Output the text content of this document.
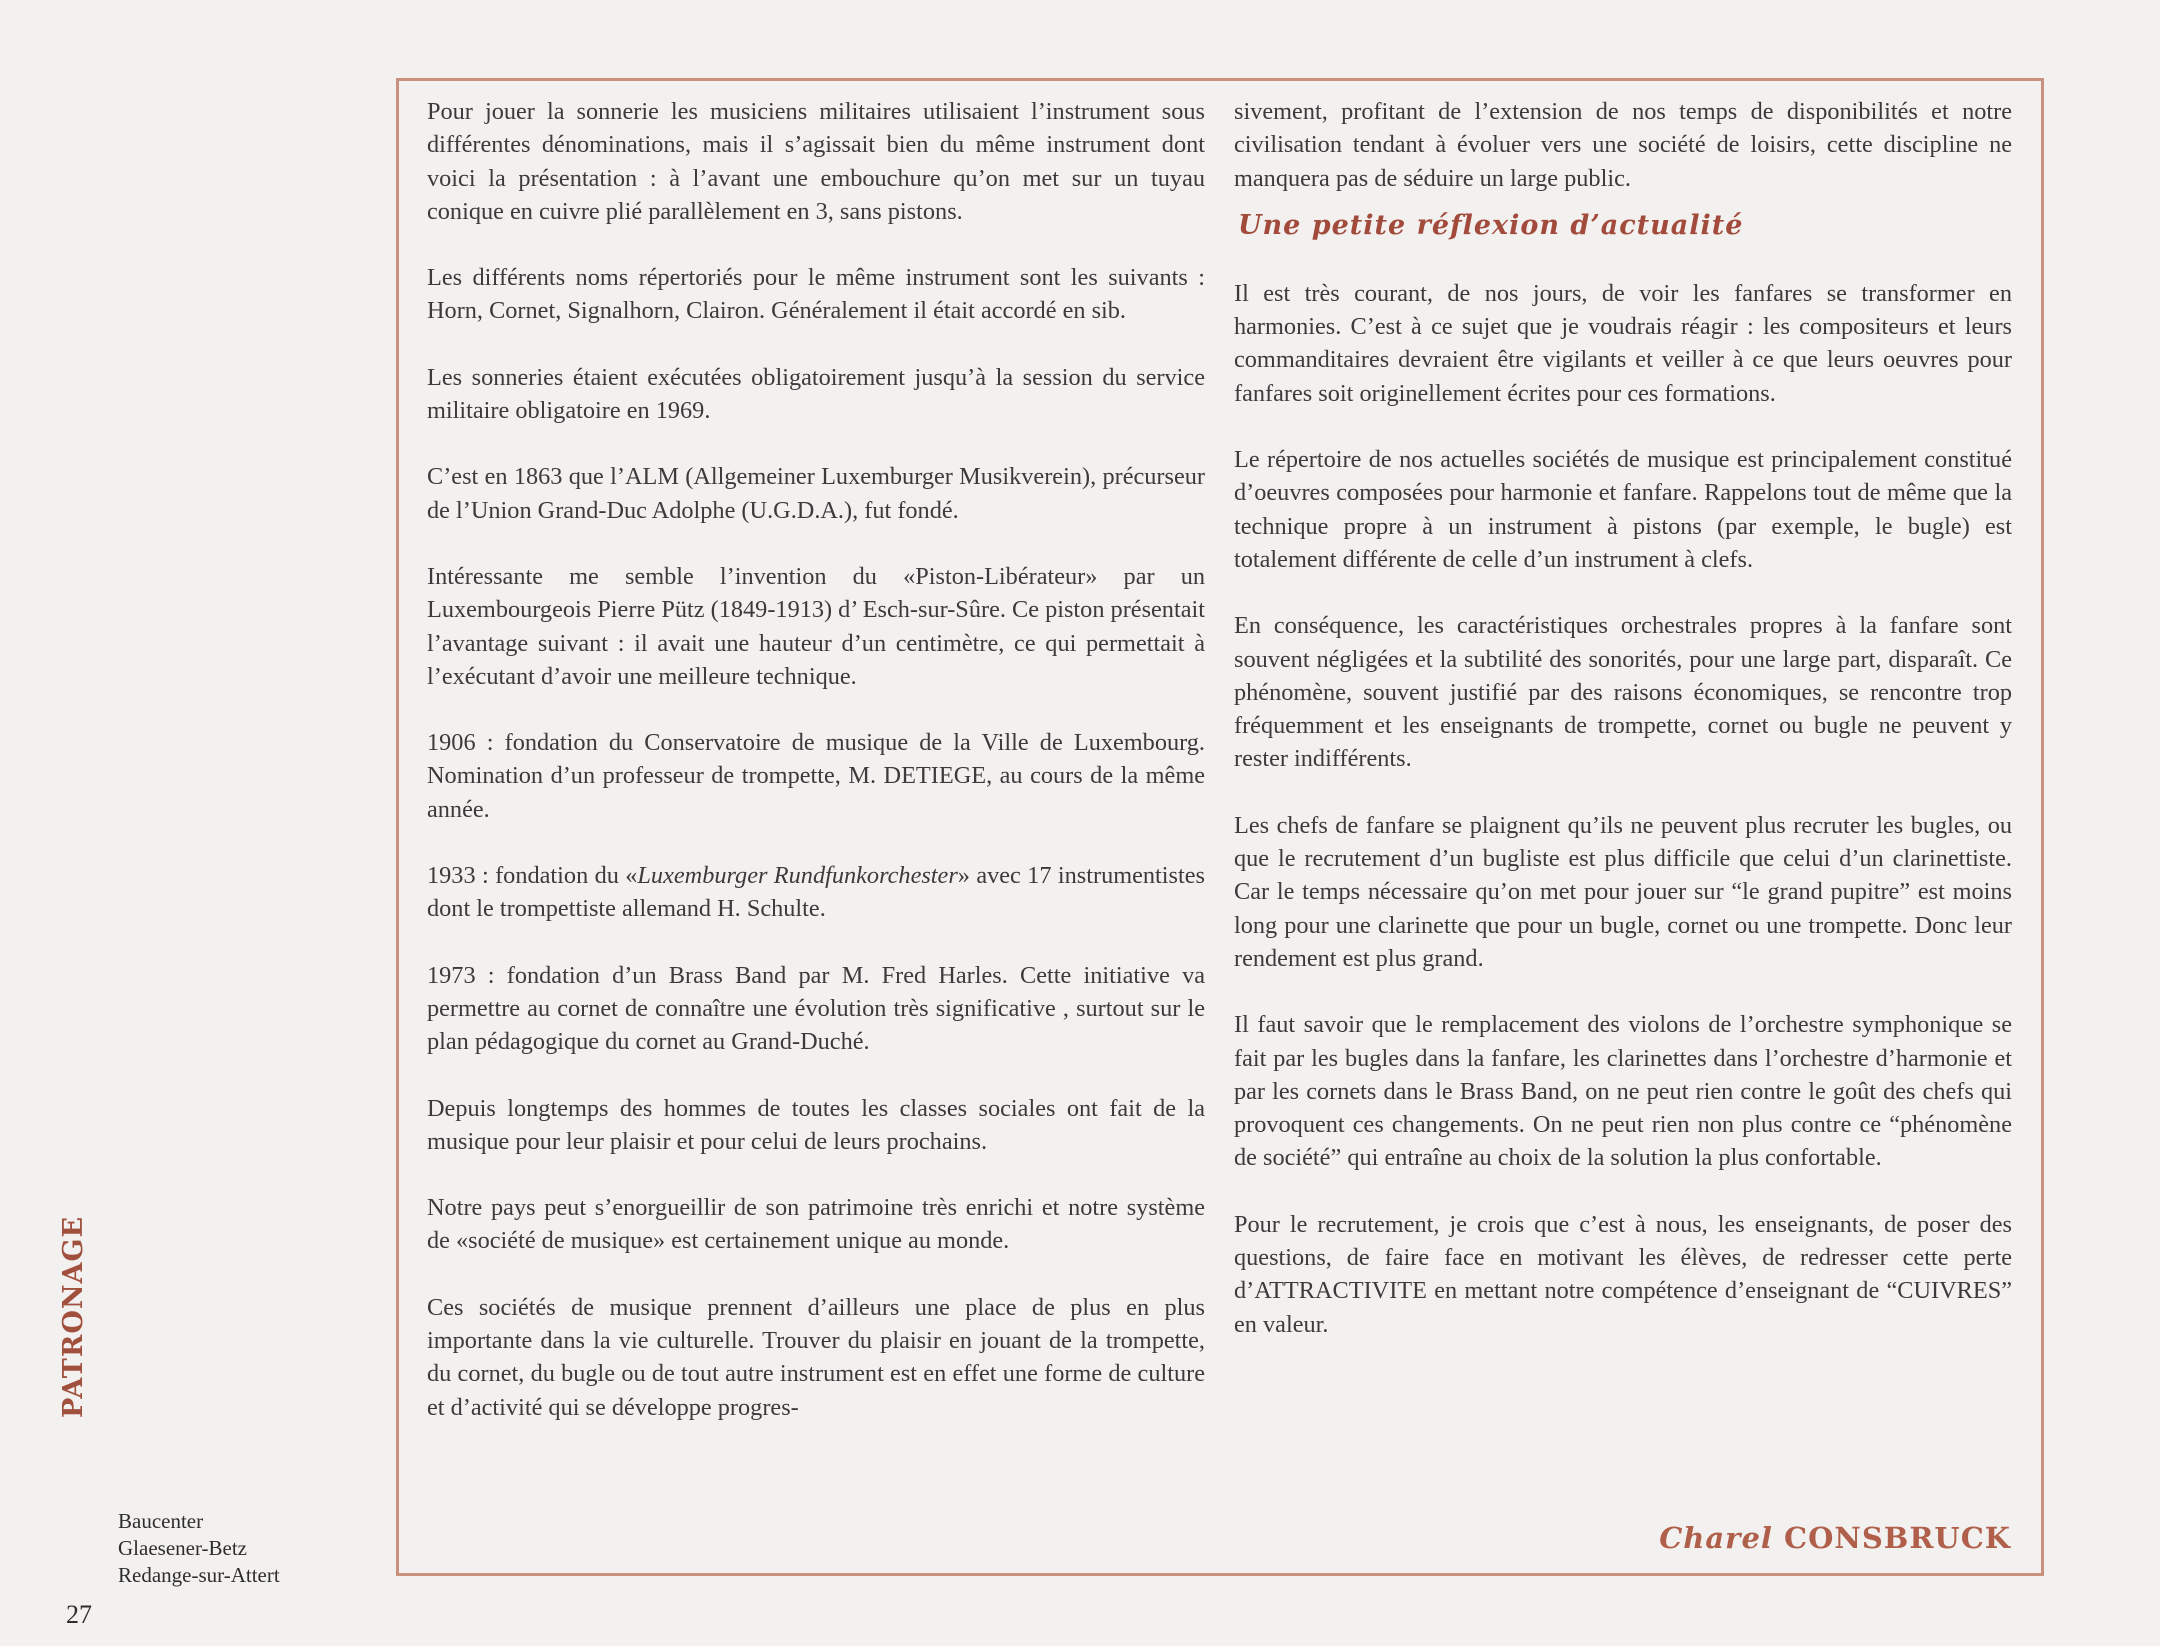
Pour jouer la sonnerie les musiciens militaires utilisaient l’instrument sous différentes dénominations, mais il s’agissait bien du même instrument dont voici la présentation : à l’avant une embouchure qu’on met sur un tuyau conique en cuivre plié parallèlement en 3, sans pistons.

Les différents noms répertoriés pour le même instrument sont les suivants : Horn, Cornet, Signalhorn, Clairon. Généralement il était accordé en sib.

Les sonneries étaient exécutées obligatoirement jusqu’à la session du service militaire obligatoire en 1969.

C’est en 1863 que l’ALM (Allgemeiner Luxemburger Musikverein), précurseur de l’Union Grand-Duc Adolphe (U.G.D.A.), fut fondé.

Intéressante me semble l’invention du «Piston-Libérateur» par un Luxembourgeois Pierre Pütz (1849-1913) d’ Esch-sur-Sûre. Ce piston présentait l’avantage suivant : il avait une hauteur d’un centimètre, ce qui permettait à l’exécutant d’avoir une meilleure technique.

1906 : fondation du Conservatoire de musique de la Ville de Luxembourg. Nomination d’un professeur de trompette, M. DETIEGE, au cours de la même année.

1933 : fondation du «Luxemburger Rundfunkorchester» avec 17 instrumentistes dont le trompettiste allemand H. Schulte.

1973 : fondation d’un Brass Band par M. Fred Harles. Cette initiative va permettre au cornet de connaître une évolution très significative , surtout sur le plan pédagogique du cornet au Grand-Duché.

Depuis longtemps des hommes de toutes les classes sociales ont fait de la musique pour leur plaisir et pour celui de leurs prochains.

Notre pays peut s’enorgueillir de son patrimoine très enrichi et notre système de «société de musique» est certainement unique au monde.

Ces sociétés de musique prennent d’ailleurs une place de plus en plus importante dans la vie culturelle. Trouver du plaisir en jouant de la trompette, du cornet, du bugle ou de tout autre instrument est en effet une forme de culture et d’activité qui se développe progres-

sivement, profitant de l’extension de nos temps de disponibilités et notre civilisation tendant à évoluer vers une société de loisirs, cette discipline ne manquera pas de séduire un large public.

Une petite réflexion d’actualité

Il est très courant, de nos jours, de voir les fanfares se transformer en harmonies. C’est à ce sujet que je voudrais réagir : les compositeurs et leurs commanditaires devraient être vigilants et veiller à ce que leurs oeuvres pour fanfares soit originellement écrites pour ces formations.

Le répertoire de nos actuelles sociétés de musique est principalement constitué d’oeuvres composées pour harmonie et fanfare. Rappelons tout de même que la technique propre à un instrument à pistons (par exemple, le bugle) est totalement différente de celle d’un instrument à clefs.

En conséquence, les caractéristiques orchestrales propres à la fanfare sont souvent négligées et la subtilité des sonorités, pour une large part, disparaît. Ce phénomène, souvent justifié par des raisons économiques, se rencontre trop fréquemment et les enseignants de trompette, cornet ou bugle ne peuvent y rester indifférents.

Les chefs de fanfare se plaignent qu’ils ne peuvent plus recruter les bugles, ou que le recrutement d’un bugliste est plus difficile que celui d’un clarinettiste. Car le temps nécessaire qu’on met pour jouer sur “le grand pupitre” est moins long pour une clarinette que pour un bugle, cornet ou une trompette. Donc leur rendement est plus grand.

Il faut savoir que le remplacement des violons de l’orchestre symphonique se fait par les bugles dans la fanfare, les clarinettes dans l’orchestre d’harmonie et par les cornets dans le Brass Band, on ne peut rien contre le goût des chefs qui provoquent ces changements. On ne peut rien non plus contre ce “phénomène de société” qui entraîne au choix de la solution la plus confortable.

Pour le recrutement, je crois que c’est à nous, les enseignants, de poser des questions, de faire face en motivant les élèves, de redresser cette perte d’ATTRACTIVITE en mettant notre compétence d’enseignant de “CUIVRES” en valeur.

Charel CONSBRUCK
PATRONAGE
Baucenter
Glaesener-Betz
Redange-sur-Attert
27
